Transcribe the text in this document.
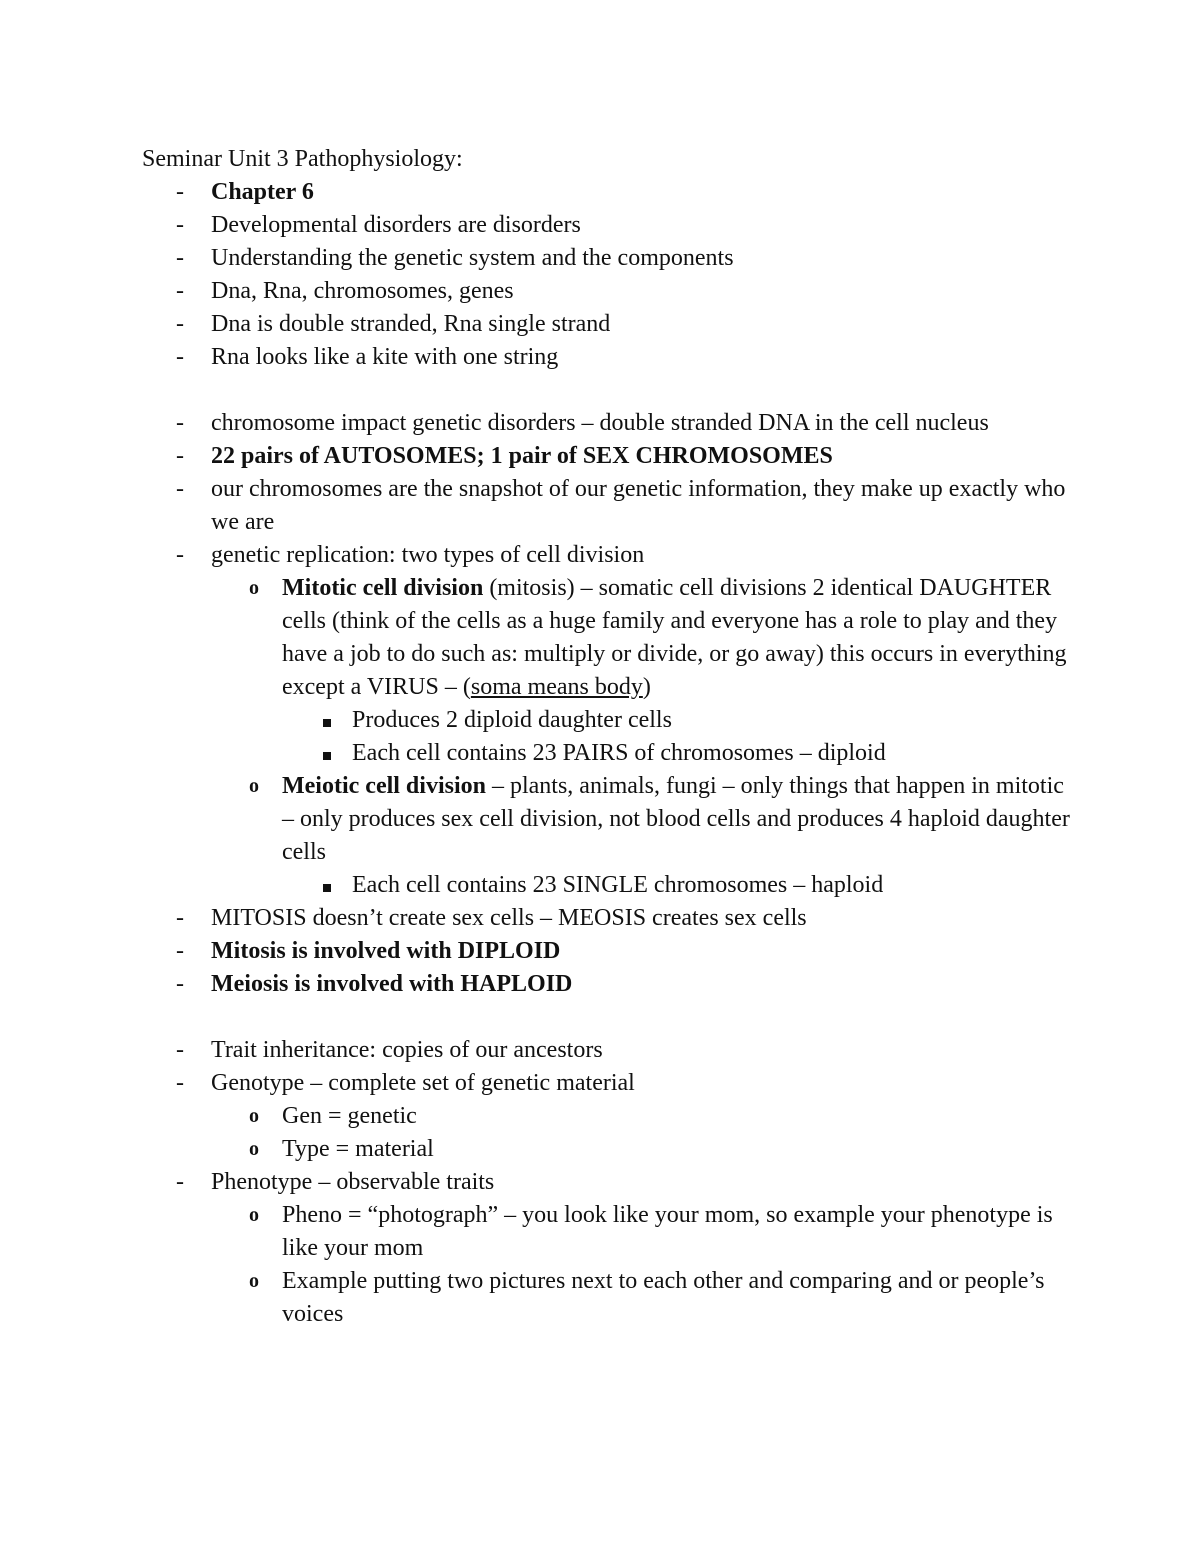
Seminar Unit 3 Pathophysiology:
- Chapter 6
- Developmental disorders are disorders
- Understanding the genetic system and the components
- Dna, Rna, chromosomes, genes
- Dna is double stranded, Rna single strand
- Rna looks like a kite with one string
- chromosome impact genetic disorders – double stranded DNA in the cell nucleus
- 22 pairs of AUTOSOMES; 1 pair of SEX CHROMOSOMES
- our chromosomes are the snapshot of our genetic information, they make up exactly who we are
- genetic replication: two types of cell division
o Mitotic cell division (mitosis) – somatic cell divisions 2 identical DAUGHTER cells (think of the cells as a huge family and everyone has a role to play and they have a job to do such as: multiply or divide, or go away) this occurs in everything except a VIRUS – (soma means body)
Produces 2 diploid daughter cells
Each cell contains 23 PAIRS of chromosomes – diploid
o Meiotic cell division – plants, animals, fungi – only things that happen in mitotic – only produces sex cell division, not blood cells and produces 4 haploid daughter cells
Each cell contains 23 SINGLE chromosomes – haploid
- MITOSIS doesn’t create sex cells – MEOSIS creates sex cells
- Mitosis is involved with DIPLOID
- Meiosis is involved with HAPLOID
- Trait inheritance: copies of our ancestors
- Genotype – complete set of genetic material
o Gen = genetic
o Type = material
- Phenotype – observable traits
o Pheno = “photograph” – you look like your mom, so example your phenotype is like your mom
o Example putting two pictures next to each other and comparing and or people’s voices
